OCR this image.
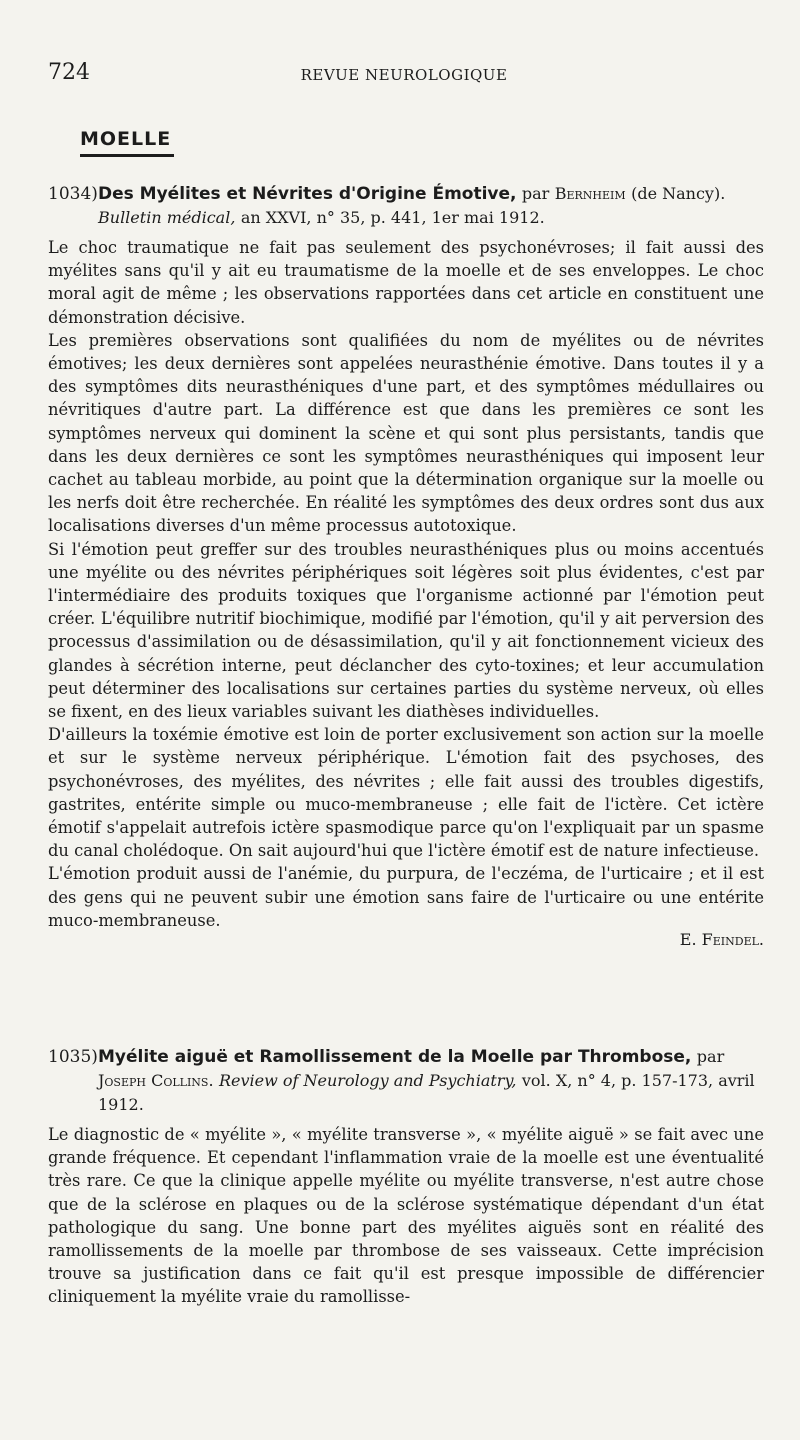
724	REVUE NEUROLOGIQUE
MOELLE

1034)Des Myélites et Névrites d'Origine Émotive, par Bernheim (de Nancy). Bulletin médical, an XXVI, n° 35, p. 441, 1er mai 1912.

Le choc traumatique ne fait pas seulement des psychonévroses; il fait aussi des myélites sans qu'il y ait eu traumatisme de la moelle et de ses enveloppes. Le choc moral agit de même ; les observations rapportées dans cet article en constituent une démonstration décisive.

Les premières observations sont qualifiées du nom de myélites ou de névrites émotives; les deux dernières sont appelées neurasthénie émotive. Dans toutes il y a des symptômes dits neurasthéniques d'une part, et des symptômes médullaires ou névritiques d'autre part. La différence est que dans les premières ce sont les symptômes nerveux qui dominent la scène et qui sont plus persistants, tandis que dans les deux dernières ce sont les symptômes neurasthéniques qui imposent leur cachet au tableau morbide, au point que la détermination organique sur la moelle ou les nerfs doit être recherchée. En réalité les symptômes des deux ordres sont dus aux localisations diverses d'un même processus autotoxique.

Si l'émotion peut greffer sur des troubles neurasthéniques plus ou moins accentués une myélite ou des névrites périphériques soit légères soit plus évidentes, c'est par l'intermédiaire des produits toxiques que l'organisme actionné par l'émotion peut créer. L'équilibre nutritif biochimique, modifié par l'émotion, qu'il y ait perversion des processus d'assimilation ou de désassimilation, qu'il y ait fonctionnement vicieux des glandes à sécrétion interne, peut déclancher des cyto-toxines; et leur accumulation peut déterminer des localisations sur certaines parties du système nerveux, où elles se fixent, en des lieux variables suivant les diathèses individuelles.

D'ailleurs la toxémie émotive est loin de porter exclusivement son action sur la moelle et sur le système nerveux périphérique. L'émotion fait des psychoses, des psychonévroses, des myélites, des névrites ; elle fait aussi des troubles digestifs, gastrites, entérite simple ou muco-membraneuse ; elle fait de l'ictère. Cet ictère émotif s'appelait autrefois ictère spasmodique parce qu'on l'expliquait par un spasme du canal cholédoque. On sait aujourd'hui que l'ictère émotif est de nature infectieuse.

L'émotion produit aussi de l'anémie, du purpura, de l'eczéma, de l'urticaire ; et il est des gens qui ne peuvent subir une émotion sans faire de l'urticaire ou une entérite muco-membraneuse.

E. Feindel.

1035)Myélite aiguë et Ramollissement de la Moelle par Thrombose, par Joseph Collins. Review of Neurology and Psychiatry, vol. X, n° 4, p. 157-173, avril 1912.

Le diagnostic de « myélite », « myélite transverse », « myélite aiguë » se fait avec une grande fréquence. Et cependant l'inflammation vraie de la moelle est une éventualité très rare. Ce que la clinique appelle myélite ou myélite transverse, n'est autre chose que de la sclérose en plaques ou de la sclérose systématique dépendant d'un état pathologique du sang. Une bonne part des myélites aiguës sont en réalité des ramollissements de la moelle par thrombose de ses vaisseaux. Cette imprécision trouve sa justification dans ce fait qu'il est presque impossible de différencier cliniquement la myélite vraie du ramollisse-
